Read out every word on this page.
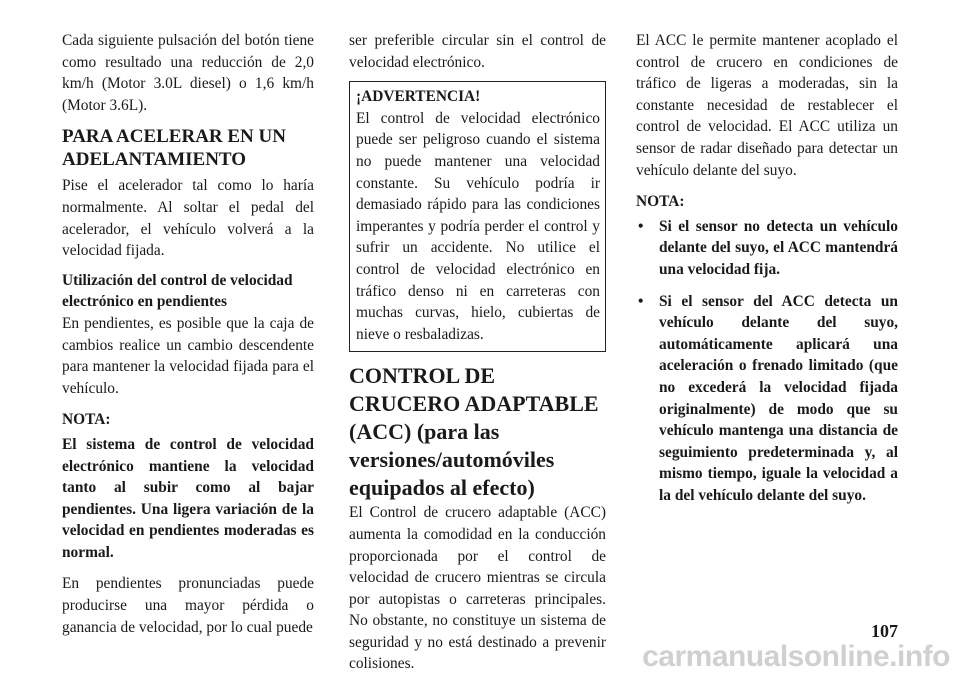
Cada siguiente pulsación del botón tiene como resultado una reducción de 2,0 km/h (Motor 3.0L diesel) o 1,6 km/h (Motor 3.6L).

PARA ACELERAR EN UN ADELANTAMIENTO

Pise el acelerador tal como lo haría normalmente. Al soltar el pedal del acelerador, el vehículo volverá a la velocidad fijada.

Utilización del control de velocidad electrónico en pendientes

En pendientes, es posible que la caja de cambios realice un cambio descendente para mantener la velocidad fijada para el vehículo.

NOTA:

El sistema de control de velocidad electrónico mantiene la velocidad tanto al subir como al bajar pendientes. Una ligera variación de la velocidad en pendientes moderadas es normal.

En pendientes pronunciadas puede producirse una mayor pérdida o ganancia de velocidad, por lo cual puede

ser preferible circular sin el control de velocidad electrónico.

¡ADVERTENCIA!

El control de velocidad electrónico puede ser peligroso cuando el sistema no puede mantener una velocidad constante. Su vehículo podría ir demasiado rápido para las condiciones imperantes y podría perder el control y sufrir un accidente. No utilice el control de velocidad electrónico en tráfico denso ni en carreteras con muchas curvas, hielo, cubiertas de nieve o resbaladizas.

CONTROL DE CRUCERO ADAPTABLE (ACC) (para las versiones/automóviles equipados al efecto)

El Control de crucero adaptable (ACC) aumenta la comodidad en la conducción proporcionada por el control de velocidad de crucero mientras se circula por autopistas o carreteras principales. No obstante, no constituye un sistema de seguridad y no está destinado a prevenir colisiones.

El ACC le permite mantener acoplado el control de crucero en condiciones de tráfico de ligeras a moderadas, sin la constante necesidad de restablecer el control de velocidad. El ACC utiliza un sensor de radar diseñado para detectar un vehículo delante del suyo.

NOTA:
• Si el sensor no detecta un vehículo delante del suyo, el ACC mantendrá una velocidad fija.
• Si el sensor del ACC detecta un vehículo delante del suyo, automáticamente aplicará una aceleración o frenado limitado (que no excederá la velocidad fijada originalmente) de modo que su vehículo mantenga una distancia de seguimiento predeterminada y, al mismo tiempo, iguale la velocidad a la del vehículo delante del suyo.
107
carmanualsonline.info
